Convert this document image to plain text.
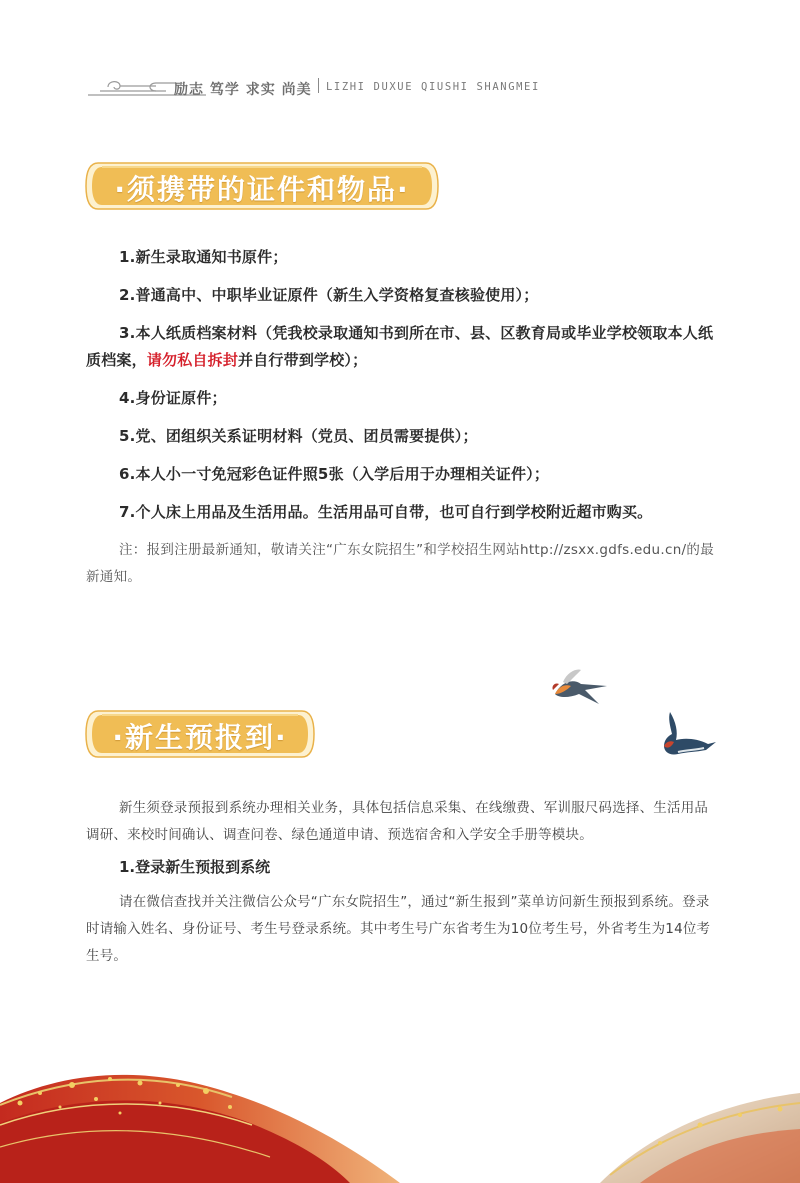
励志 笃学 求实 尚美 LIZHI DUXUE QIUSHI SHANGMEI
·须携带的证件和物品·
1.新生录取通知书原件；
2.普通高中、中职毕业证原件（新生入学资格复查核验使用）；
3.本人纸质档案材料（凭我校录取通知书到所在市、县、区教育局或毕业学校领取本人纸质档案，请勿私自拆封并自行带到学校）；
4.身份证原件；
5.党、团组织关系证明材料（党员、团员需要提供）；
6.本人小一寸免冠彩色证件照5张（入学后用于办理相关证件）；
7.个人床上用品及生活用品。生活用品可自带，也可自行到学校附近超市购买。
注：报到注册最新通知，敬请关注“广东女院招生”和学校招生网站http://zsxx.gdfs.edu.cn/的最新通知。
·新生预报到·
新生须登录预报到系统办理相关业务，具体包括信息采集、在线缴费、军训服尺码选择、生活用品调研、来校时间确认、调查问卷、绿色通道申请、预选宿舍和入学安全手册等模块。
1.登录新生预报到系统
请在微信查找并关注微信公众号“广东女院招生”，通过“新生报到”菜单访问新生预报到系统。登录时请输入姓名、身份证号、考生号登录系统。其中考生号广东省考生为10位考生号，外省考生为14位考生号。
